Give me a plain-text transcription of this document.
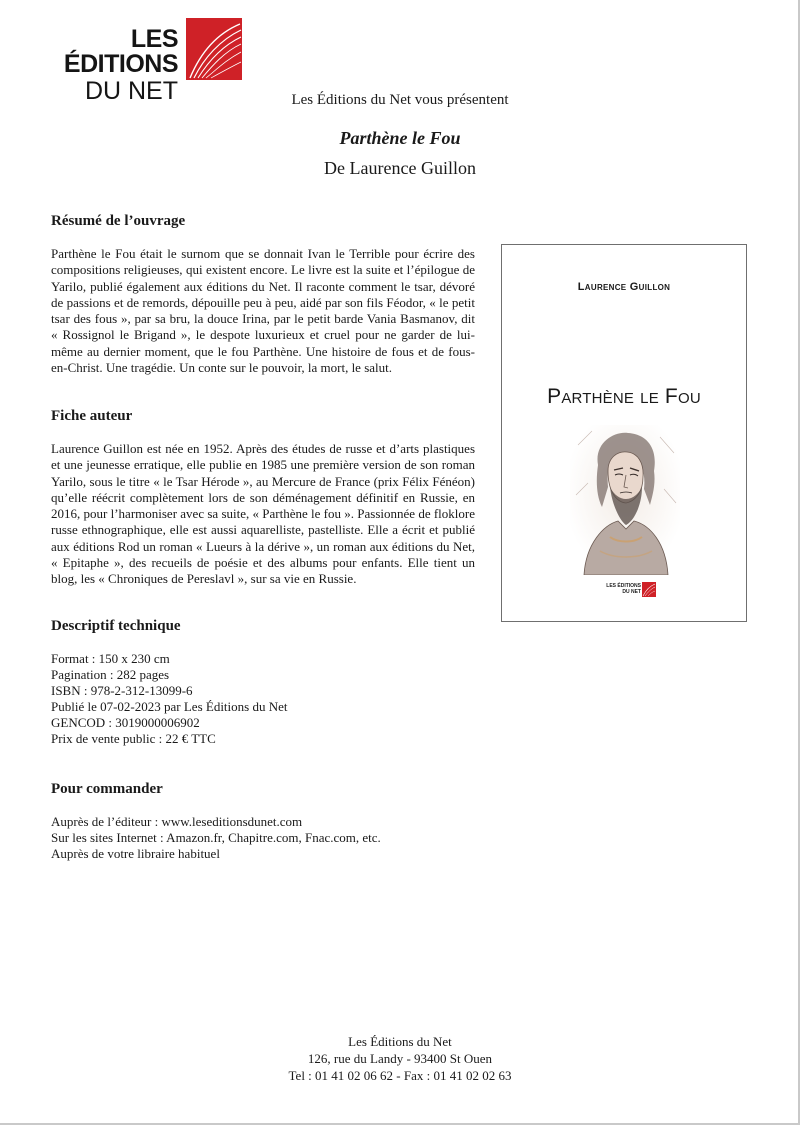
LES ÉDITIONS
DU NET	Les Éditions du Net vous présentent
Parthène le Fou
De Laurence Guillon
Résumé de l’ouvrage
Parthène le Fou était le surnom que se donnait Ivan le Terrible pour écrire des compositions religieuses, qui existent encore. Le livre est la suite et l’épilogue de Yarilo, publié également aux éditions du Net. Il raconte comment le tsar, dévoré de passions et de remords, dépouille peu à peu, aidé par son fils Féodor, « le petit tsar des fous », par sa bru, la douce Irina, par le petit barde Vania Basmanov, dit « Rossignol le Brigand », le despote luxurieux et cruel pour ne garder de lui-même au dernier moment, que le fou Parthène. Une histoire de fous et de fous-en-Christ. Une tragédie. Un conte sur le pouvoir, la mort, le salut.
Fiche auteur
Laurence Guillon est née en 1952. Après des études de russe et d’arts plastiques et une jeunesse erratique, elle publie en 1985 une première version de son roman Yarilo, sous le titre « le Tsar Hérode », au Mercure de France (prix Félix Fénéon) qu’elle réécrit complètement lors de son déménagement définitif en Russie, en 2016, pour l’harmoniser avec sa suite, « Parthène le fou ». Passionnée de floklore russe ethnographique, elle est aussi aquarelliste, pastelliste. Elle a écrit et publié aux éditions Rod un roman « Lueurs à la dérive », un roman aux éditions du Net, « Epitaphe », des recueils de poésie et des albums pour enfants. Elle tient un blog, les « Chroniques de Pereslavl », sur sa vie en Russie.
Descriptif technique
Format : 150 x 230 cm
Pagination : 282 pages
ISBN : 978-2-312-13099-6
Publié le 07-02-2023 par Les Éditions du Net
GENCOD : 3019000006902
Prix de vente public : 22 € TTC
Pour commander
Auprès de l’éditeur : www.leseditionsdunet.com
Sur les sites Internet : Amazon.fr, Chapitre.com, Fnac.com, etc.
Auprès de votre libraire habituel
Laurence Guillon
Parthène le Fou
LES ÉDITIONS
DU NET
Les Éditions du Net
126, rue du Landy - 93400 St Ouen
Tel : 01 41 02 06 62 - Fax : 01 41 02 02 63
